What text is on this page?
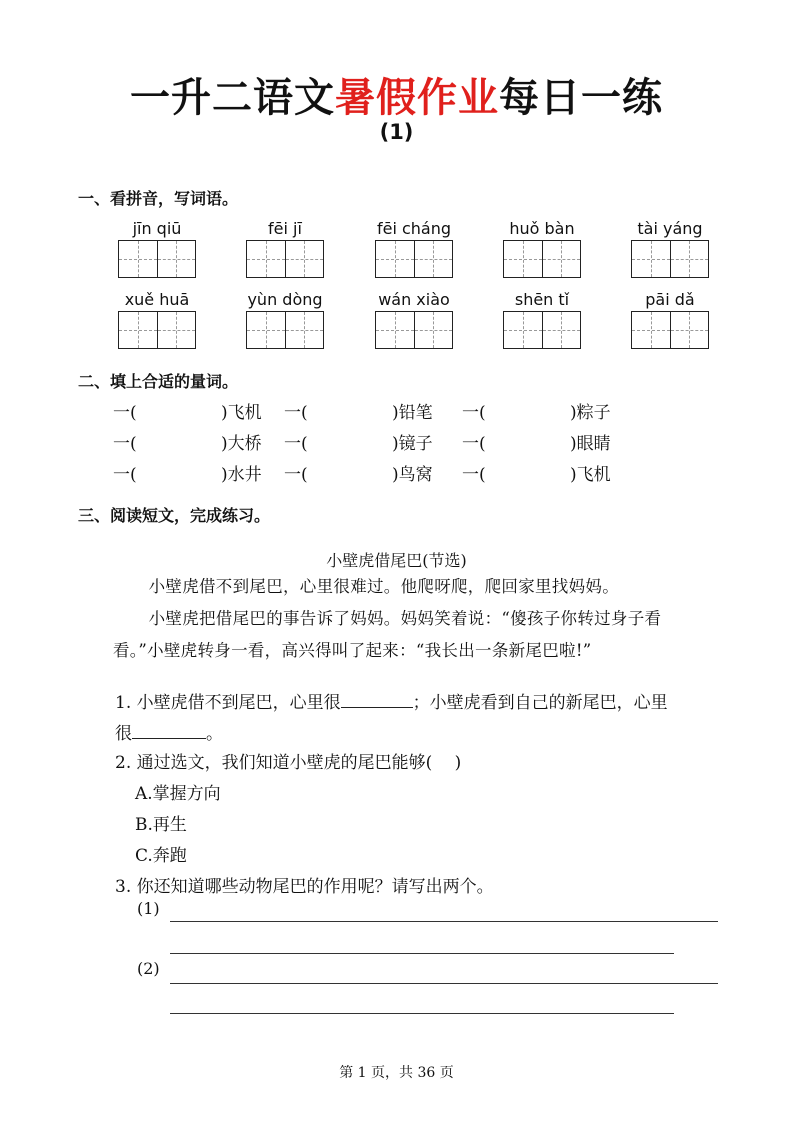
一升二语文暑假作业每日一练
(1)
一、看拼音，写词语。
jīn qiū	fēi jī	fēi cháng	huǒ bàn	tài yáng
xuě huā	yùn dòng	wán xiào	shēn tǐ	pāi dǎ
二、填上合适的量词。
一(	)飞机 一(	)铅笔 一(	)粽子
一(	)大桥 一(	)镜子 一(	)眼睛
一(	)水井 一(	)鸟窝 一(	)飞机
三、阅读短文，完成练习。
小壁虎借尾巴(节选)
　　小壁虎借不到尾巴，心里很难过。他爬呀爬，爬回家里找妈妈。
　　小壁虎把借尾巴的事告诉了妈妈。妈妈笑着说：“傻孩子你转过身子看
看。”小壁虎转身一看，高兴得叫了起来：“我长出一条新尾巴啦!”
1. 小壁虎借不到尾巴，心里很	；小壁虎看到自己的新尾巴，心里
很	。
2. 通过选文，我们知道小壁虎的尾巴能够(　 )
A.掌握方向
B.再生
C.奔跑
3. 你还知道哪些动物尾巴的作用呢？请写出两个。
(1)
(2)
第 1 页，共 36 页
